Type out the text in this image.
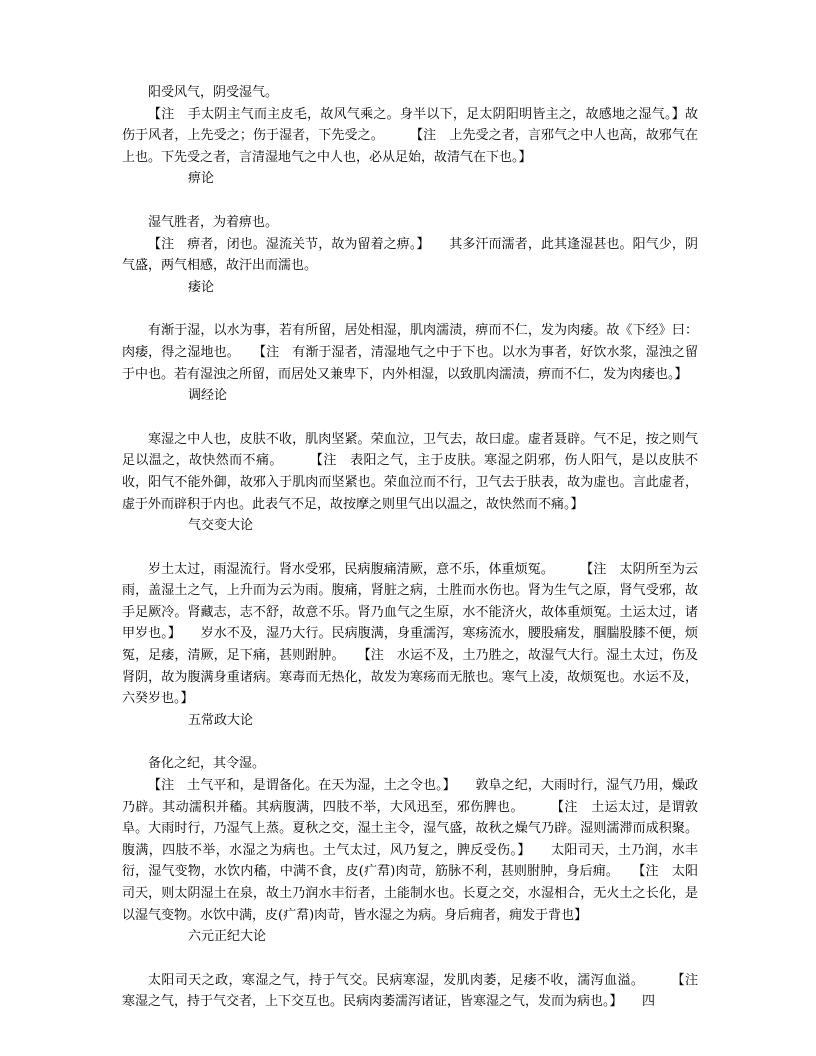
阳受风气，阴受湿气。

【注　手太阴主气而主皮毛，故风气乘之。身半以下，足太阴阳明皆主之，故感地之湿气。】故伤于风者，上先受之；伤于湿者，下先受之。　　　【注　上先受之者，言邪气之中人也高，故邪气在上也。下先受之者，言清湿地气之中人也，必从足始，故清气在下也。】

痹论

湿气胜者，为着痹也。

【注　痹者，闭也。湿流关节，故为留着之痹。】　　其多汗而濡者，此其逢湿甚也。阳气少，阴气盛，两气相感，故汗出而濡也。

痿论

有渐于湿，以水为事，若有所留，居处相湿，肌肉濡渍，痹而不仁，发为肉痿。故《下经》曰：肉痿，得之湿地也。　　【注　有渐于湿者，清湿地气之中于下也。以水为事者，好饮水浆，湿浊之留于中也。若有湿浊之所留，而居处又兼卑下，内外相湿，以致肌肉濡渍，痹而不仁，发为肉痿也。】

调经论

寒湿之中人也，皮肤不收，肌肉坚紧。荣血泣，卫气去，故曰虚。虚者聂辟。气不足，按之则气足以温之，故快然而不痛。　　　【注　表阳之气，主于皮肤。寒湿之阴邪，伤人阳气，是以皮肤不收，阳气不能外御，故邪入于肌肉而坚紧也。荣血泣而不行，卫气去于肤表，故为虚也。言此虚者，虚于外而辟积于内也。此表气不足，故按摩之则里气出以温之，故快然而不痛。】

气交变大论

岁土太过，雨湿流行。肾水受邪，民病腹痛清厥，意不乐，体重烦冤。　　　【注　太阴所至为云雨，盖湿土之气，上升而为云为雨。腹痛，肾脏之病，土胜而水伤也。肾为生气之原，肾气受邪，故手足厥冷。肾藏志，志不舒，故意不乐。肾乃血气之生原，水不能济火，故体重烦冤。土运太过，诸甲岁也。】　　岁水不及，湿乃大行。民病腹满，身重濡泻，寒疡流水，腰股痛发，腘腨股膝不便，烦冤，足痿，清厥，足下痛，甚则跗肿。　　【注　水运不及，土乃胜之，故湿气大行。湿土太过，伤及肾阴，故为腹满身重诸病。寒毒而无热化，故发为寒疡而无脓也。寒气上凌，故烦冤也。水运不及，六癸岁也。】

五常政大论

备化之纪，其令湿。

【注　土气平和，是谓备化。在天为湿，土之令也。】　　敦阜之纪，大雨时行，湿气乃用，燥政乃辟。其动濡积并稸。其病腹满，四肢不举，大风迅至，邪伤脾也。　　　【注　土运太过，是谓敦阜。大雨时行，乃湿气上蒸。夏秋之交，湿土主令，湿气盛，故秋之燥气乃辟。湿则濡滞而成积聚。腹满，四肢不举，水湿之为病也。土气太过，风乃复之，脾反受伤。】　　太阳司天，土乃润，水丰衍，湿气变物，水饮内稸，中满不食，皮(疒帬)肉苛，筋脉不利，甚则胕肿，身后痈。　　【注　太阳司天，则太阴湿土在泉，故土乃润水丰衍者，土能制水也。长夏之交，水湿相合，无火土之长化，是以湿气变物。水饮中满，皮(疒帬)肉苛，皆水湿之为病。身后痈者，痈发于背也】

六元正纪大论

太阳司天之政，寒湿之气，持于气交。民病寒湿，发肌肉萎，足痿不收，濡泻血溢。　　　【注　寒湿之气，持于气交者，上下交互也。民病肉萎濡泻诸证，皆寒湿之气，发而为病也。】　　四
